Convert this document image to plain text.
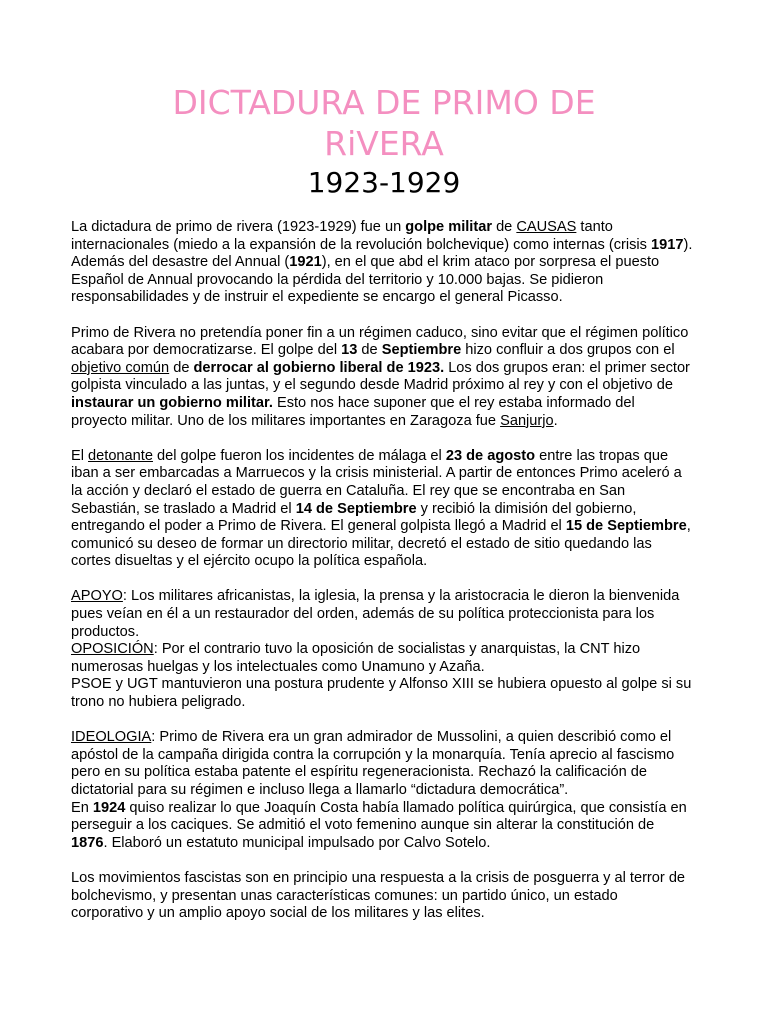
DICTADURA DE PRIMO DE
RiVERA
1923-1929

La dictadura de primo de rivera (1923-1929) fue un golpe militar de CAUSAS tanto internacionales (miedo a la expansión de la revolución bolchevique) como internas (crisis 1917). Además del desastre del Annual (1921), en el que abd el krim ataco por sorpresa el puesto Español de Annual provocando la pérdida del territorio y 10.000 bajas. Se pidieron responsabilidades y de instruir el expediente se encargo el general Picasso.

Primo de Rivera no pretendía poner fin a un régimen caduco, sino evitar que el régimen político acabara por democratizarse. El golpe del 13 de Septiembre hizo confluir a dos grupos con el objetivo común de derrocar al gobierno liberal de 1923. Los dos grupos eran: el primer sector golpista vinculado a las juntas, y el segundo desde Madrid próximo al rey y con el objetivo de instaurar un gobierno militar. Esto nos hace suponer que el rey estaba informado del proyecto militar. Uno de los militares importantes en Zaragoza fue Sanjurjo.

El detonante del golpe fueron los incidentes de málaga el 23 de agosto entre las tropas que iban a ser embarcadas a Marruecos y la crisis ministerial. A partir de entonces Primo aceleró a la acción y declaró el estado de guerra en Cataluña. El rey que se encontraba en San Sebastián, se traslado a Madrid el 14 de Septiembre y recibió la dimisión del gobierno, entregando el poder a Primo de Rivera. El general golpista llegó a Madrid el 15 de Septiembre, comunicó su deseo de formar un directorio militar, decretó el estado de sitio quedando las cortes disueltas y el ejército ocupo la política española.

APOYO: Los militares africanistas, la iglesia, la prensa y la aristocracia le dieron la bienvenida pues veían en él a un restaurador del orden, además de su política proteccionista para los productos.

OPOSICIÓN: Por el contrario tuvo la oposición de socialistas y anarquistas, la CNT hizo numerosas huelgas y los intelectuales como Unamuno y Azaña.

PSOE y UGT mantuvieron una postura prudente y Alfonso XIII se hubiera opuesto al golpe si su trono no hubiera peligrado.

IDEOLOGIA: Primo de Rivera era un gran admirador de Mussolini, a quien describió como el apóstol de la campaña dirigida contra la corrupción y la monarquía. Tenía aprecio al fascismo pero en su política estaba patente el espíritu regeneracionista. Rechazó la calificación de dictatorial para su régimen e incluso llega a llamarlo “dictadura democrática”.

En 1924 quiso realizar lo que Joaquín Costa había llamado política quirúrgica, que consistía en perseguir a los caciques. Se admitió el voto femenino aunque sin alterar la constitución de 1876. Elaboró un estatuto municipal impulsado por Calvo Sotelo.

Los movimientos fascistas son en principio una respuesta a la crisis de posguerra y al terror de bolchevismo, y presentan unas características comunes: un partido único, un estado corporativo y un amplio apoyo social de los militares y las elites.
